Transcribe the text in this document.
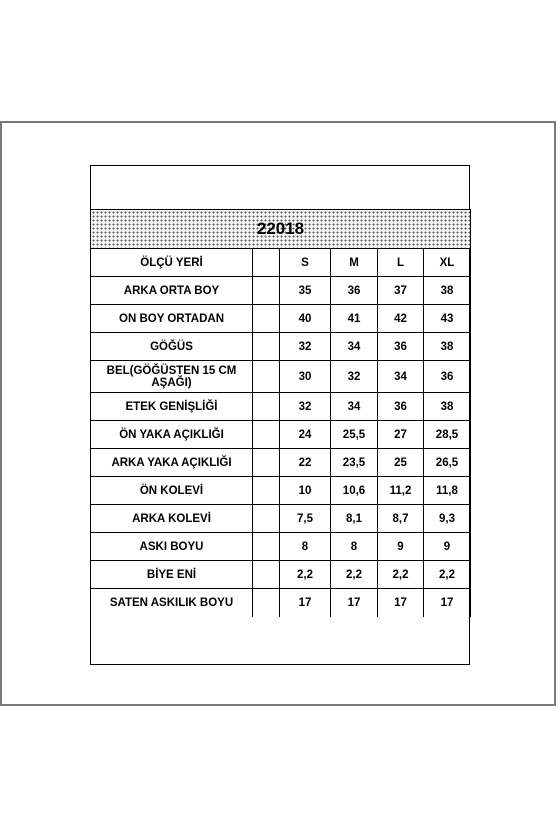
22018					
ÖLÇÜ YERİ		S	M	L	XL
ARKA ORTA BOY		35	36	37	38
ON BOY ORTADAN		40	41	42	43
GÖĞÜS		32	34	36	38
BEL(GÖĞÜSTEN 15 CM AŞAĞI)		30	32	34	36
ETEK GENİŞLİĞİ		32	34	36	38
ÖN YAKA AÇIKLIĞI		24	25,5	27	28,5
ARKA YAKA AÇIKLIĞI		22	23,5	25	26,5
ÖN KOLEVİ		10	10,6	11,2	11,8
ARKA KOLEVİ		7,5	8,1	8,7	9,3
ASKI BOYU		8	8	9	9
BİYE ENİ		2,2	2,2	2,2	2,2
SATEN ASKILIK BOYU		17	17	17	17
